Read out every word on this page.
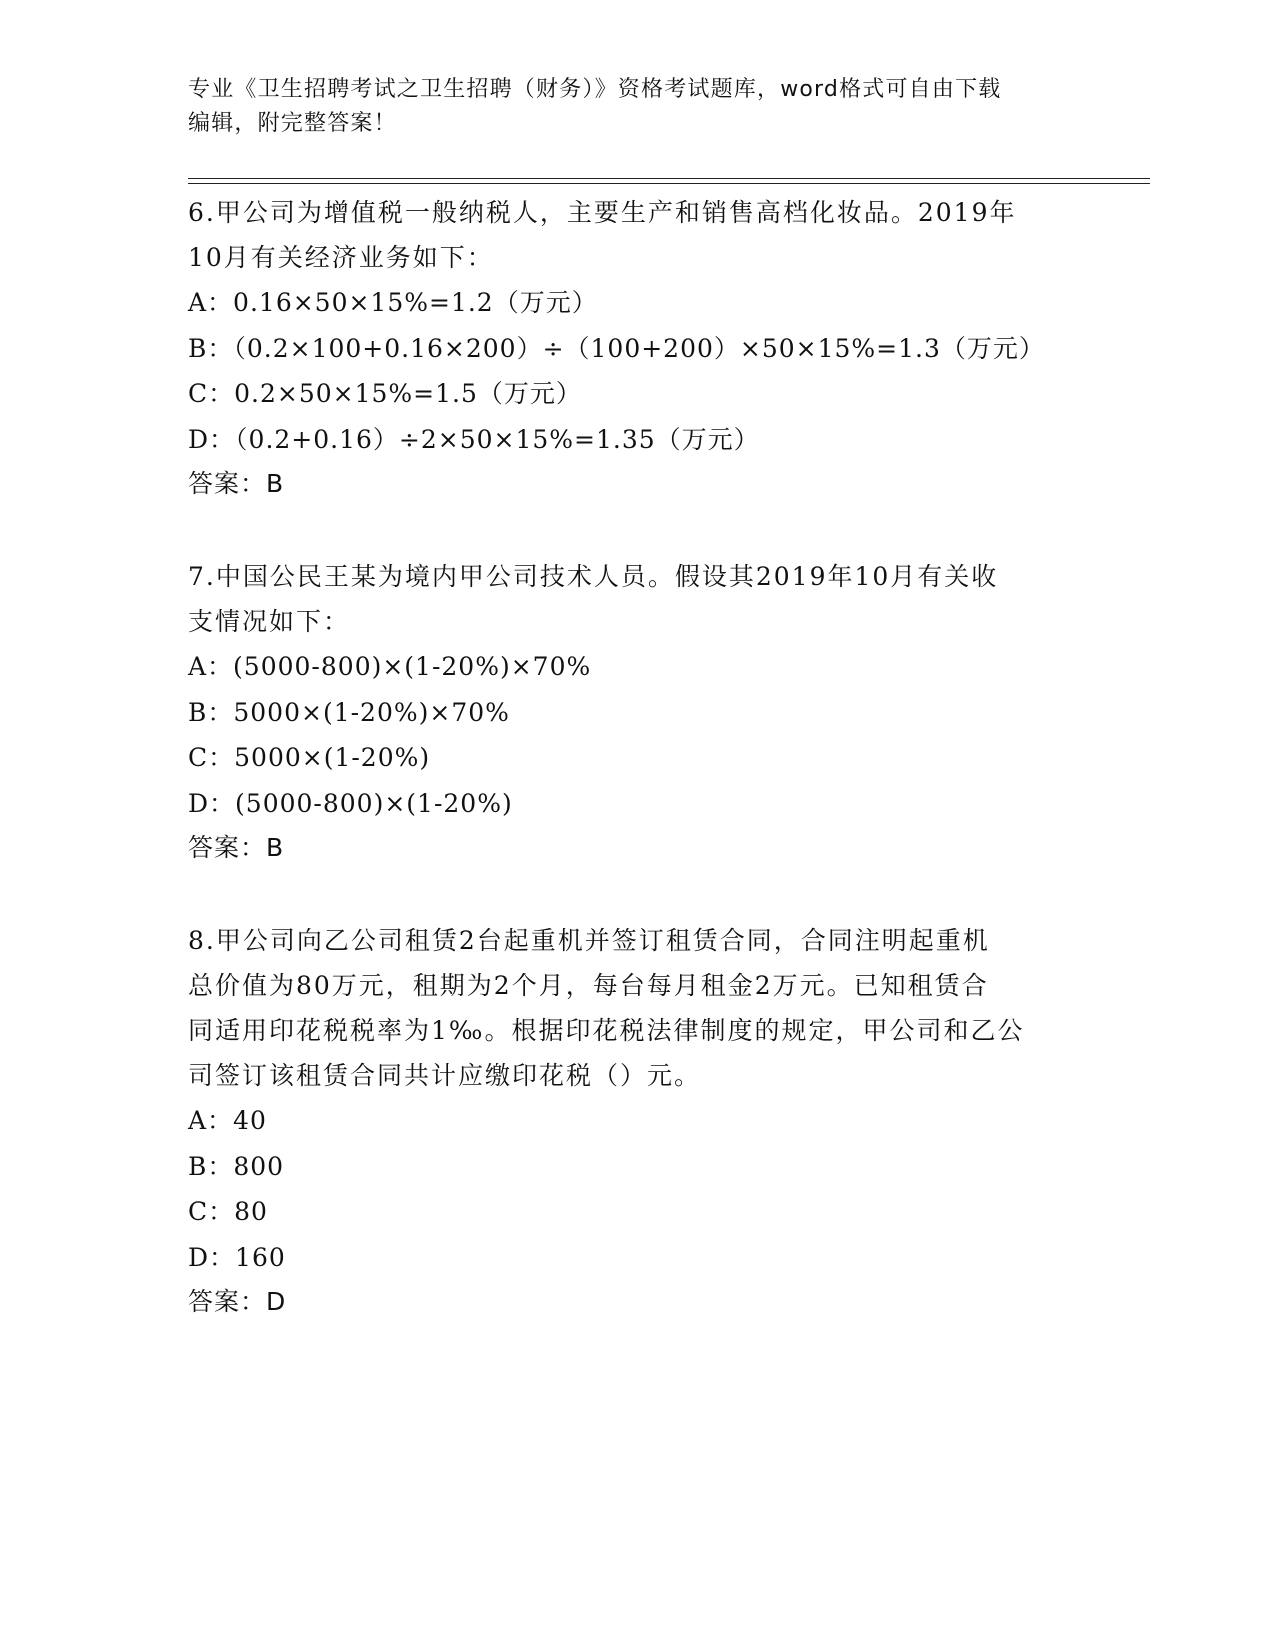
专业《卫生招聘考试之卫生招聘（财务）》资格考试题库，word格式可自由下载
编辑，附完整答案！

6.甲公司为增值税一般纳税人，主要生产和销售高档化妆品。2019年

10月有关经济业务如下：

A：0.16×50×15%=1.2（万元）

B：（0.2×100+0.16×200）÷（100+200）×50×15%=1.3（万元）

C：0.2×50×15%=1.5（万元）

D：（0.2+0.16）÷2×50×15%=1.35（万元）

答案：B

7.中国公民王某为境内甲公司技术人员。假设其2019年10月有关收

支情况如下：

A：(5000-800)×(1-20%)×70%

B：5000×(1-20%)×70%

C：5000×(1-20%)

D：(5000-800)×(1-20%)

答案：B

8.甲公司向乙公司租赁2台起重机并签订租赁合同，合同注明起重机

总价值为80万元，租期为2个月，每台每月租金2万元。已知租赁合

同适用印花税税率为1‰。根据印花税法律制度的规定，甲公司和乙公

司签订该租赁合同共计应缴印花税（）元。

A：40

B：800

C：80

D：160

答案：D
